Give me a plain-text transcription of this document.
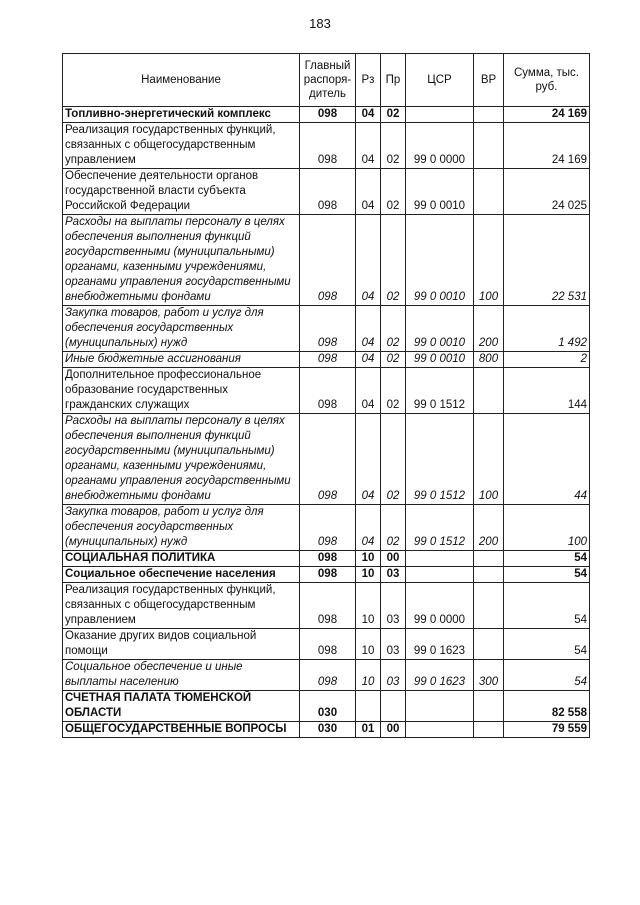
183
Наименование	Главный распоря-дитель	Рз	Пр	ЦСР	ВР	Сумма, тыс. руб.
Топливно-энергетический комплекс	098	04	02			24 169
Реализация государственных функций, связанных с общегосударственным управлением	098	04	02	99 0 0000		24 169
Обеспечение деятельности органов государственной власти субъекта Российской Федерации	098	04	02	99 0 0010		24 025
Расходы на выплаты персоналу в целях обеспечения выполнения функций государственными (муниципальными) органами, казенными учреждениями, органами управления государственными внебюджетными фондами	098	04	02	99 0 0010	100	22 531
Закупка товаров, работ и услуг для обеспечения государственных (муниципальных) нужд	098	04	02	99 0 0010	200	1 492
Иные бюджетные ассигнования	098	04	02	99 0 0010	800	2
Дополнительное профессиональное образование государственных гражданских служащих	098	04	02	99 0 1512		144
Расходы на выплаты персоналу в целях обеспечения выполнения функций государственными (муниципальными) органами, казенными учреждениями, органами управления государственными внебюджетными фондами	098	04	02	99 0 1512	100	44
Закупка товаров, работ и услуг для обеспечения государственных (муниципальных) нужд	098	04	02	99 0 1512	200	100
СОЦИАЛЬНАЯ ПОЛИТИКА	098	10	00			54
Социальное обеспечение населения	098	10	03			54
Реализация государственных функций, связанных с общегосударственным управлением	098	10	03	99 0 0000		54
Оказание других видов социальной помощи	098	10	03	99 0 1623		54
Социальное обеспечение и иные выплаты населению	098	10	03	99 0 1623	300	54
СЧЕТНАЯ ПАЛАТА ТЮМЕНСКОЙ ОБЛАСТИ	030					82 558
ОБЩЕГОСУДАРСТВЕННЫЕ ВОПРОСЫ	030	01	00			79 559
